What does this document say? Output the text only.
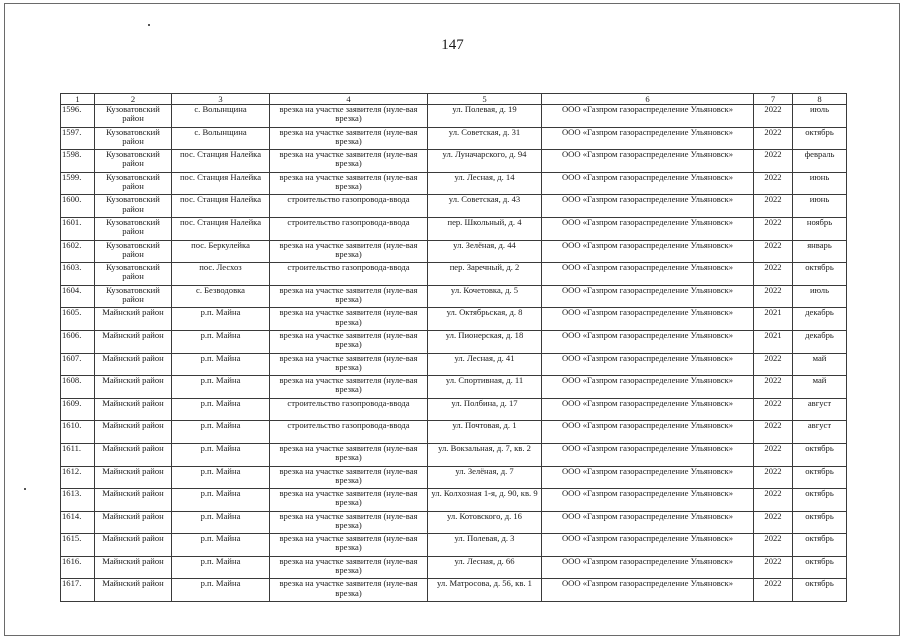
147
1	2	3	4	5	6	7	8
1596.	Кузоватовский район	с. Волынщина	врезка на участке заявителя (нуле-вая врезка)	ул. Полевая, д. 19	ООО «Газпром газораспределение Ульяновск»	2022	июль
1597.	Кузоватовский район	с. Волынщина	врезка на участке заявителя (нуле-вая врезка)	ул. Советская, д. 31	ООО «Газпром газораспределение Ульяновск»	2022	октябрь
1598.	Кузоватовский район	пос. Станция Налейка	врезка на участке заявителя (нуле-вая врезка)	ул. Луначарского, д. 94	ООО «Газпром газораспределение Ульяновск»	2022	февраль
1599.	Кузоватовский район	пос. Станция Налейка	врезка на участке заявителя (нуле-вая врезка)	ул. Лесная, д. 14	ООО «Газпром газораспределение Ульяновск»	2022	июнь
1600.	Кузоватовский район	пос. Станция Налейка	строительство газопровода-ввода	ул. Советская, д. 43	ООО «Газпром газораспределение Ульяновск»	2022	июнь
1601.	Кузоватовский район	пос. Станция Налейка	строительство газопровода-ввода	пер. Школьный, д. 4	ООО «Газпром газораспределение Ульяновск»	2022	ноябрь
1602.	Кузоватовский район	пос. Беркулейка	врезка на участке заявителя (нуле-вая врезка)	ул. Зелёная, д. 44	ООО «Газпром газораспределение Ульяновск»	2022	январь
1603.	Кузоватовский район	пос. Лесхоз	строительство газопровода-ввода	пер. Заречный, д. 2	ООО «Газпром газораспределение Ульяновск»	2022	октябрь
1604.	Кузоватовский район	с. Безводовка	врезка на участке заявителя (нуле-вая врезка)	ул. Кочетовка, д. 5	ООО «Газпром газораспределение Ульяновск»	2022	июль
1605.	Майнский район	р.п. Майна	врезка на участке заявителя (нуле-вая врезка)	ул. Октябрьская, д. 8	ООО «Газпром газораспределение Ульяновск»	2021	декабрь
1606.	Майнский район	р.п. Майна	врезка на участке заявителя (нуле-вая врезка)	ул. Пионерская, д. 18	ООО «Газпром газораспределение Ульяновск»	2021	декабрь
1607.	Майнский район	р.п. Майна	врезка на участке заявителя (нуле-вая врезка)	ул. Лесная, д. 41	ООО «Газпром газораспределение Ульяновск»	2022	май
1608.	Майнский район	р.п. Майна	врезка на участке заявителя (нуле-вая врезка)	ул. Спортивная, д. 11	ООО «Газпром газораспределение Ульяновск»	2022	май
1609.	Майнский район	р.п. Майна	строительство газопровода-ввода	ул. Полбина, д. 17	ООО «Газпром газораспределение Ульяновск»	2022	август
1610.	Майнский район	р.п. Майна	строительство газопровода-ввода	ул. Почтовая, д. 1	ООО «Газпром газораспределение Ульяновск»	2022	август
1611.	Майнский район	р.п. Майна	врезка на участке заявителя (нуле-вая врезка)	ул. Вокзальная, д. 7, кв. 2	ООО «Газпром газораспределение Ульяновск»	2022	октябрь
1612.	Майнский район	р.п. Майна	врезка на участке заявителя (нуле-вая врезка)	ул. Зелёная, д. 7	ООО «Газпром газораспределение Ульяновск»	2022	октябрь
1613.	Майнский район	р.п. Майна	врезка на участке заявителя (нуле-вая врезка)	ул. Колхозная 1-я, д. 90, кв. 9	ООО «Газпром газораспределение Ульяновск»	2022	октябрь
1614.	Майнский район	р.п. Майна	врезка на участке заявителя (нуле-вая врезка)	ул. Котовского, д. 16	ООО «Газпром газораспределение Ульяновск»	2022	октябрь
1615.	Майнский район	р.п. Майна	врезка на участке заявителя (нуле-вая врезка)	ул. Полевая, д. 3	ООО «Газпром газораспределение Ульяновск»	2022	октябрь
1616.	Майнский район	р.п. Майна	врезка на участке заявителя (нуле-вая врезка)	ул. Лесная, д. 66	ООО «Газпром газораспределение Ульяновск»	2022	октябрь
1617.	Майнский район	р.п. Майна	врезка на участке заявителя (нуле-вая врезка)	ул. Матросова, д. 56, кв. 1	ООО «Газпром газораспределение Ульяновск»	2022	октябрь
